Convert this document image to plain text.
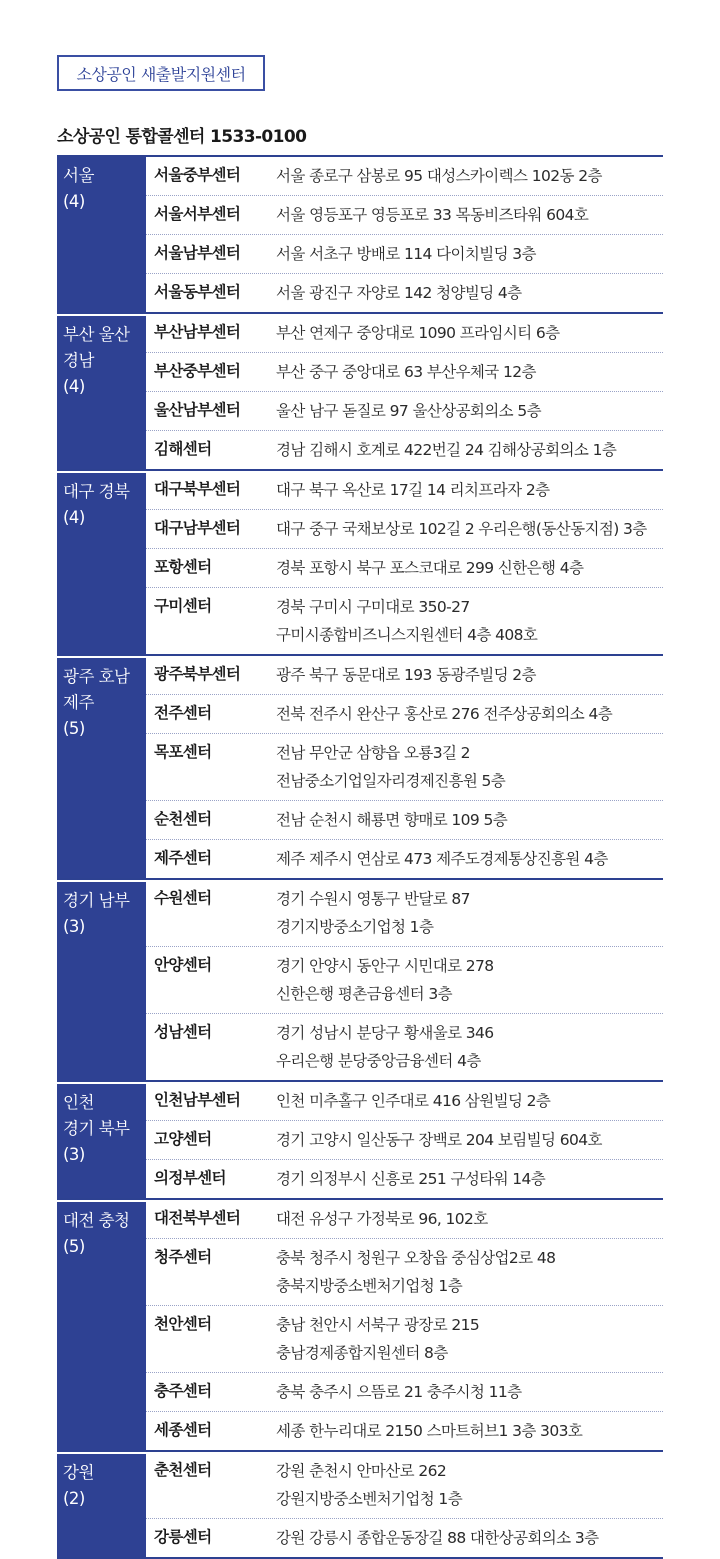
소상공인 새출발지원센터
소상공인 통합콜센터 1533-0100
서울
(4)
서울중부센터	서울 종로구 삼봉로 95 대성스카이렉스 102동 2층
서울서부센터	서울 영등포구 영등포로 33 목동비즈타워 604호
서울남부센터	서울 서초구 방배로 114 다이치빌딩 3층
서울동부센터	서울 광진구 자양로 142 청양빌딩 4층
부산 울산
경남
(4)
부산남부센터	부산 연제구 중앙대로 1090 프라임시티 6층
부산중부센터	부산 중구 중앙대로 63 부산우체국 12층
울산남부센터	울산 남구 돋질로 97 울산상공회의소 5층
김해센터	경남 김해시 호계로 422번길 24 김해상공회의소 1층
대구 경북
(4)
대구북부센터	대구 북구 옥산로 17길 14 리치프라자 2층
대구남부센터	대구 중구 국채보상로 102길 2 우리은행(동산동지점) 3층
포항센터	경북 포항시 북구 포스코대로 299 신한은행 4층
구미센터	경북 구미시 구미대로 350-27
구미시종합비즈니스지원센터 4층 408호
광주 호남
제주
(5)
광주북부센터	광주 북구 동문대로 193 동광주빌딩 2층
전주센터	전북 전주시 완산구 홍산로 276 전주상공회의소 4층
목포센터	전남 무안군 삼향읍 오룡3길 2
전남중소기업일자리경제진흥원 5층
순천센터	전남 순천시 해룡면 향매로 109 5층
제주센터	제주 제주시 연삼로 473 제주도경제통상진흥원 4층
경기 남부
(3)
수원센터	경기 수원시 영통구 반달로 87
경기지방중소기업청 1층
안양센터	경기 안양시 동안구 시민대로 278
신한은행 평촌금융센터 3층
성남센터	경기 성남시 분당구 황새울로 346
우리은행 분당중앙금융센터 4층
인천
경기 북부
(3)
인천남부센터	인천 미추홀구 인주대로 416 삼원빌딩 2층
고양센터	경기 고양시 일산동구 장백로 204 보림빌딩 604호
의정부센터	경기 의정부시 신흥로 251 구성타워 14층
대전 충청
(5)
대전북부센터	대전 유성구 가정북로 96, 102호
청주센터	충북 청주시 청원구 오창읍 중심상업2로 48
충북지방중소벤처기업청 1층
천안센터	충남 천안시 서북구 광장로 215
충남경제종합지원센터 8층
충주센터	충북 충주시 으뜸로 21 충주시청 11층
세종센터	세종 한누리대로 2150 스마트허브1 3층 303호
강원
(2)
춘천센터	강원 춘천시 안마산로 262
강원지방중소벤처기업청 1층
강릉센터	강원 강릉시 종합운동장길 88 대한상공회의소 3층
